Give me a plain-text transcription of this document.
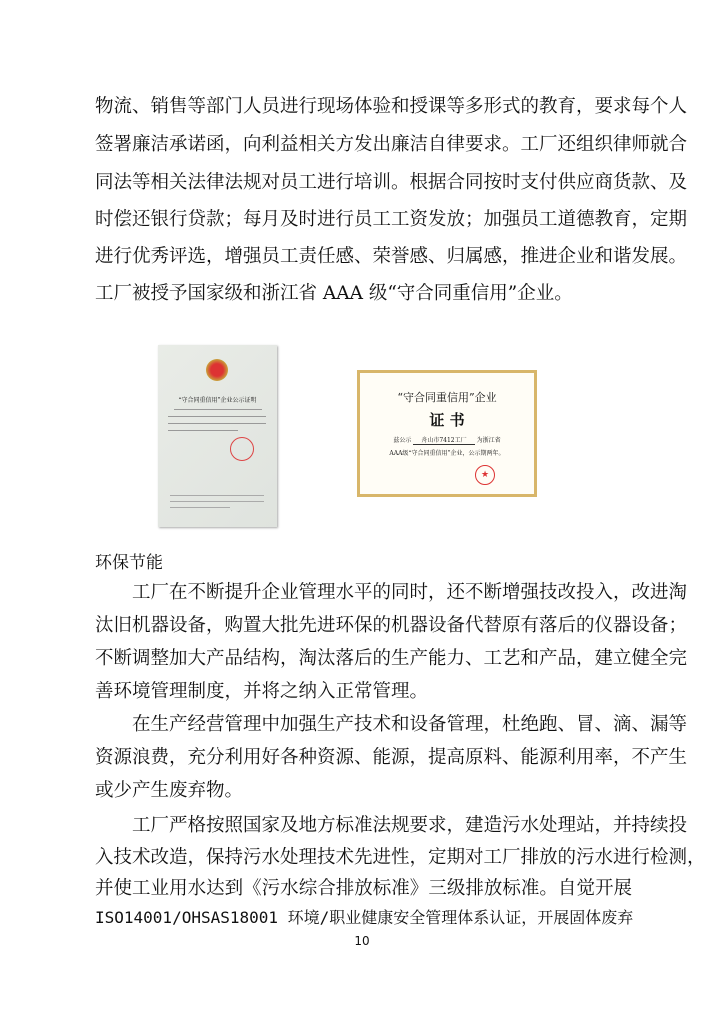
物流、销售等部门人员进行现场体验和授课等多形式的教育，要求每个人
签署廉洁承诺函，向利益相关方发出廉洁自律要求。工厂还组织律师就合
同法等相关法律法规对员工进行培训。根据合同按时支付供应商货款、及
时偿还银行贷款；每月及时进行员工工资发放；加强员工道德教育，定期
进行优秀评选，增强员工责任感、荣誉感、归属感，推进企业和谐发展。
工厂被授予国家级和浙江省 AAA 级“守合同重信用”企业。
“守合同重信用”企业公示证明	“守合同重信用”企业
证 书
兹公示 舟山市7412工厂 为浙江省
AAA级“守合同重信用”企业，公示期两年。
★
环保节能
工厂在不断提升企业管理水平的同时，还不断增强技改投入，改进淘
汰旧机器设备，购置大批先进环保的机器设备代替原有落后的仪器设备；
不断调整加大产品结构，淘汰落后的生产能力、工艺和产品，建立健全完
善环境管理制度，并将之纳入正常管理。
在生产经营管理中加强生产技术和设备管理，杜绝跑、冒、滴、漏等
资源浪费，充分利用好各种资源、能源，提高原料、能源利用率，不产生
或少产生废弃物。
工厂严格按照国家及地方标准法规要求，建造污水处理站，并持续投
入技术改造，保持污水处理技术先进性，定期对工厂排放的污水进行检测，
并使工业用水达到《污水综合排放标准》三级排放标准。自觉开展
ISO14001/OHSAS18001 环境/职业健康安全管理体系认证，开展固体废弃
10
